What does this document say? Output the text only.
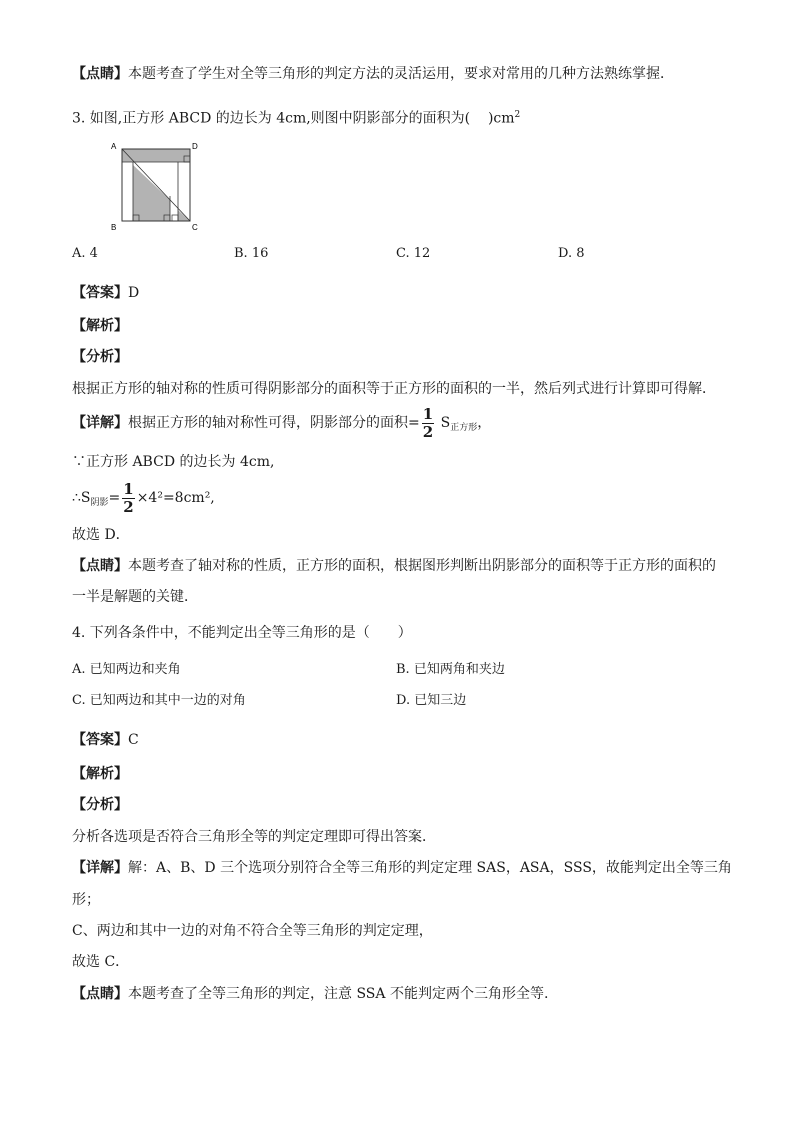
【点睛】本题考查了学生对全等三角形的判定方法的灵活运用，要求对常用的几种方法熟练掌握．
3. 如图,正方形 ABCD 的边长为 4cm,则图中阴影部分的面积为( )$cm^2$
A	D
B	C
A. 4	B. 16	C. 12	D. 8
【答案】D
【解析】
【分析】
根据正方形的轴对称的性质可得阴影部分的面积等于正方形的面积的一半，然后列式进行计算即可得解．
【详解】根据正方形的轴对称性可得，阴影部分的面积= $\frac{1}{2} S_{正方形}$，
∵正方形 ABCD 的边长为 4cm,
$\therefore S_{阴影}= \frac{1}{2} \times 4^2=8cm^2$,
故选 D．
【点睛】本题考查了轴对称的性质，正方形的面积，根据图形判断出阴影部分的面积等于正方形的面积的
一半是解题的关键．
4. 下列各条件中，不能判定出全等三角形的是（　　）
A. 已知两边和夹角	B. 已知两角和夹边
C. 已知两边和其中一边的对角	D. 已知三边
【答案】C
【解析】
【分析】
分析各选项是否符合三角形全等的判定定理即可得出答案．
【详解】解：A、B、D 三个选项分别符合全等三角形的判定定理 SAS，ASA，SSS，故能判定出全等三角
形；
C、两边和其中一边的对角不符合全等三角形的判定定理，
故选 C．
【点睛】本题考查了全等三角形的判定，注意 SSA 不能判定两个三角形全等.
